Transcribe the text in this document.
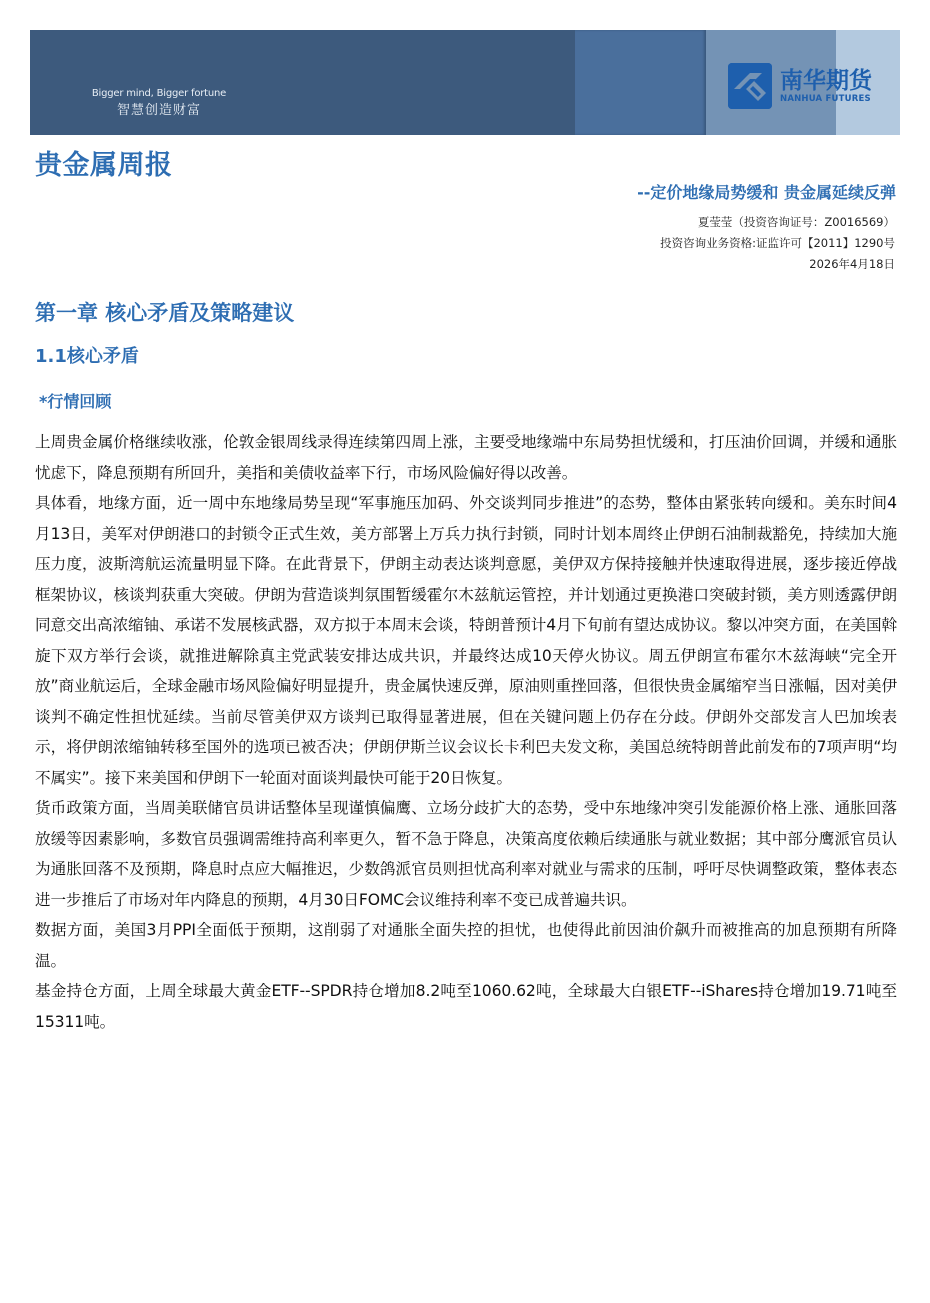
Bigger mind, Bigger fortune
智慧创造财富
南华期货
NANHUA FUTURES
贵金属周报
--定价地缘局势缓和 贵金属延续反弹
夏莹莹（投资咨询证号：Z0016569）
投资咨询业务资格:证监许可【2011】1290号
2026年4月18日
第一章 核心矛盾及策略建议
1.1核心矛盾
*行情回顾

上周贵金属价格继续收涨，伦敦金银周线录得连续第四周上涨，主要受地缘端中东局势担忧缓和，打压油价回调，并缓和通胀忧虑下，降息预期有所回升，美指和美债收益率下行，市场风险偏好得以改善。

具体看，地缘方面，近一周中东地缘局势呈现“军事施压加码、外交谈判同步推进”的态势，整体由紧张转向缓和。美东时间4月13日，美军对伊朗港口的封锁令正式生效，美方部署上万兵力执行封锁，同时计划本周终止伊朗石油制裁豁免，持续加大施压力度，波斯湾航运流量明显下降。在此背景下，伊朗主动表达谈判意愿，美伊双方保持接触并快速取得进展，逐步接近停战框架协议，核谈判获重大突破。伊朗为营造谈判氛围暂缓霍尔木兹航运管控，并计划通过更换港口突破封锁，美方则透露伊朗同意交出高浓缩铀、承诺不发展核武器，双方拟于本周末会谈，特朗普预计4月下旬前有望达成协议。黎以冲突方面，在美国斡旋下双方举行会谈，就推进解除真主党武装安排达成共识，并最终达成10天停火协议。周五伊朗宣布霍尔木兹海峡“完全开放”商业航运后，全球金融市场风险偏好明显提升，贵金属快速反弹，原油则重挫回落，但很快贵金属缩窄当日涨幅，因对美伊谈判不确定性担忧延续。当前尽管美伊双方谈判已取得显著进展，但在关键问题上仍存在分歧。伊朗外交部发言人巴加埃表示，将伊朗浓缩铀转移至国外的选项已被否决；伊朗伊斯兰议会议长卡利巴夫发文称，美国总统特朗普此前发布的7项声明“均不属实”。接下来美国和伊朗下一轮面对面谈判最快可能于20日恢复。

货币政策方面，当周美联储官员讲话整体呈现谨慎偏鹰、立场分歧扩大的态势，受中东地缘冲突引发能源价格上涨、通胀回落放缓等因素影响，多数官员强调需维持高利率更久，暂不急于降息，决策高度依赖后续通胀与就业数据；其中部分鹰派官员认为通胀回落不及预期，降息时点应大幅推迟，少数鸽派官员则担忧高利率对就业与需求的压制，呼吁尽快调整政策，整体表态进一步推后了市场对年内降息的预期，4月30日FOMC会议维持利率不变已成普遍共识。

数据方面，美国3月PPI全面低于预期，这削弱了对通胀全面失控的担忧，也使得此前因油价飙升而被推高的加息预期有所降温。

基金持仓方面，上周全球最大黄金ETF--SPDR持仓增加8.2吨至1060.62吨，全球最大白银ETF--iShares持仓增加19.71吨至15311吨。
